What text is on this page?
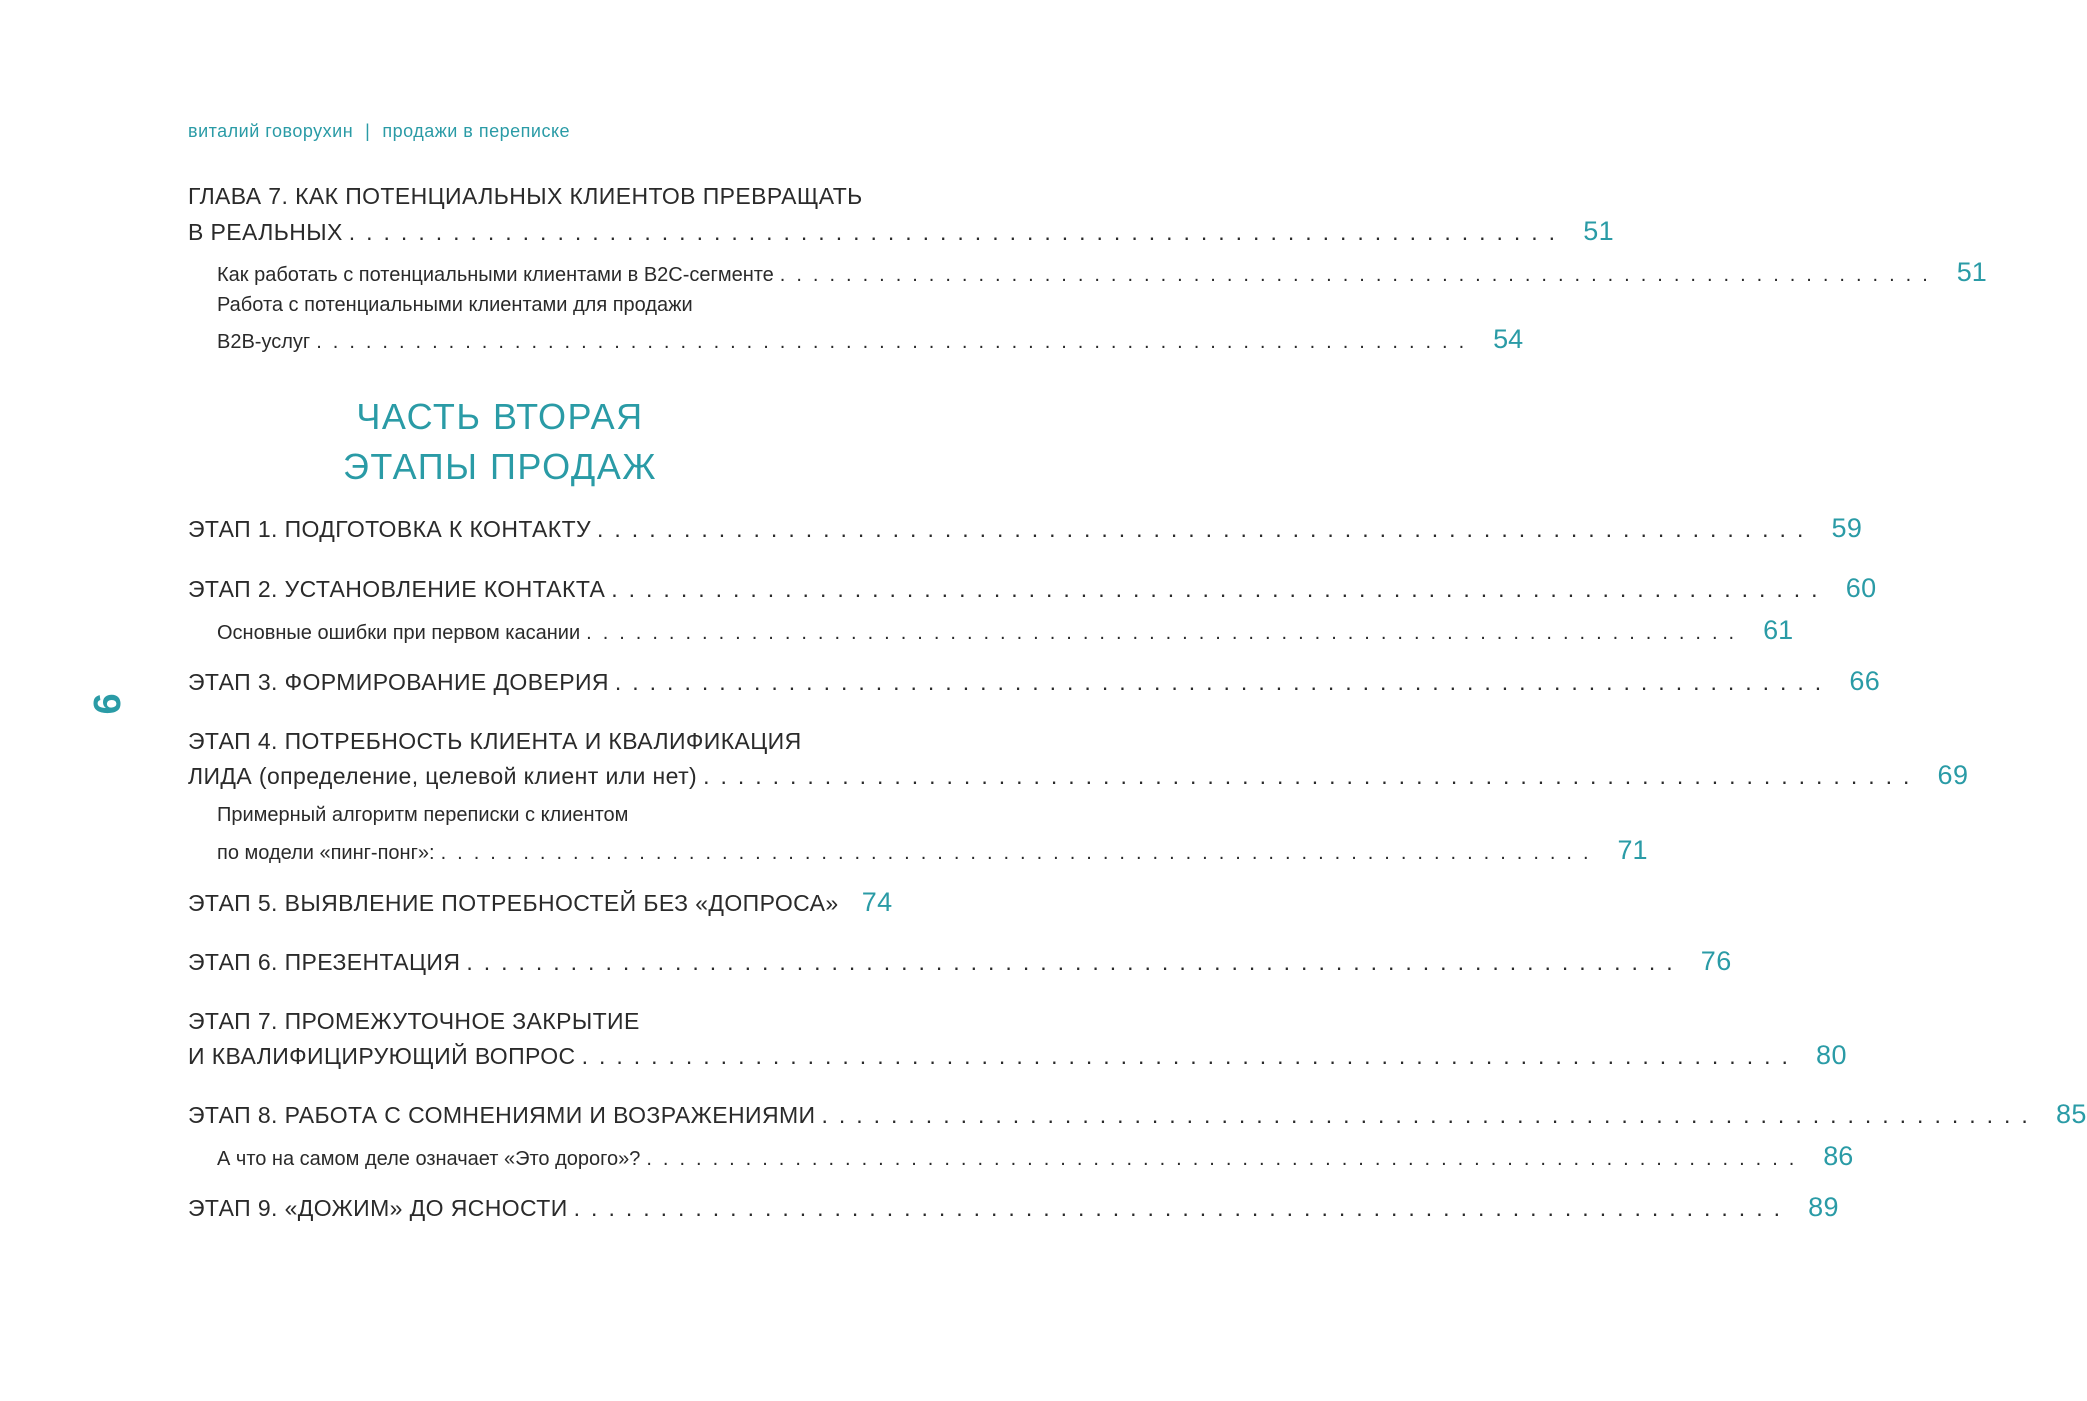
виталий говорухин | продажи в переписке
9
ГЛАВА 7. КАК ПОТЕНЦИАЛЬНЫХ КЛИЕНТОВ ПРЕВРАЩАТЬ
В РЕАЛЬНЫХ ...................................................................... 51
Как работать с потенциальными клиентами в B2C-сегменте ...................................................................... 51
Работа с потенциальными клиентами для продажи
B2B-услуг ...................................................................... 54
ЧАСТЬ ВТОРАЯ
ЭТАПЫ ПРОДАЖ
ЭТАП 1. ПОДГОТОВКА К КОНТАКТУ ...................................................................... 59
ЭТАП 2. УСТАНОВЛЕНИЕ КОНТАКТА ...................................................................... 60
Основные ошибки при первом касании ...................................................................... 61
ЭТАП 3. ФОРМИРОВАНИЕ ДОВЕРИЯ ...................................................................... 66
ЭТАП 4. ПОТРЕБНОСТЬ КЛИЕНТА И КВАЛИФИКАЦИЯ
ЛИДА (определение, целевой клиент или нет) ...................................................................... 69
Примерный алгоритм переписки с клиентом
по модели «пинг-понг»: ...................................................................... 71
ЭТАП 5. ВЫЯВЛЕНИЕ ПОТРЕБНОСТЕЙ БЕЗ «ДОПРОСА» 74
ЭТАП 6. ПРЕЗЕНТАЦИЯ ...................................................................... 76
ЭТАП 7. ПРОМЕЖУТОЧНОЕ ЗАКРЫТИЕ
И КВАЛИФИЦИРУЮЩИЙ ВОПРОС ...................................................................... 80
ЭТАП 8. РАБОТА С СОМНЕНИЯМИ И ВОЗРАЖЕНИЯМИ ...................................................................... 85
А что на самом деле означает «Это дорого»? ...................................................................... 86
ЭТАП 9. «ДОЖИМ» ДО ЯСНОСТИ ...................................................................... 89
